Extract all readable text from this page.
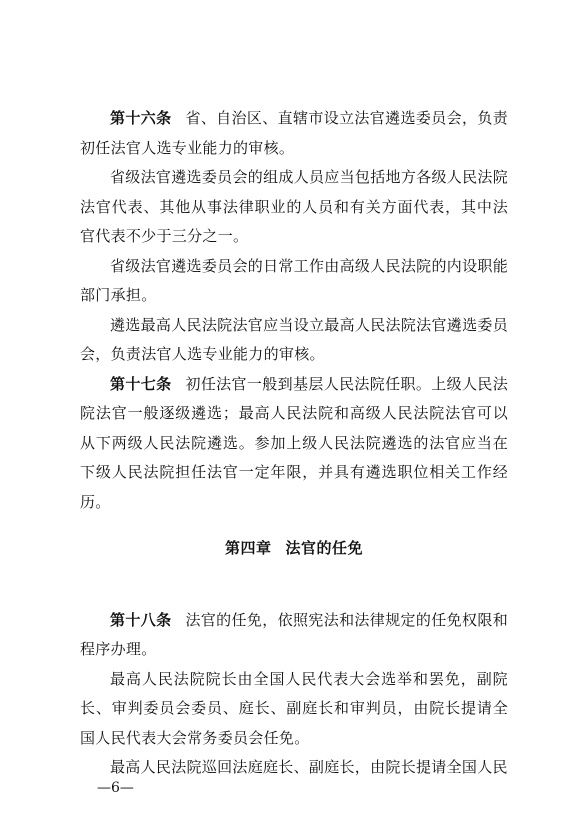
第十六条 省、自治区、直辖市设立法官遴选委员会，负责初任法官人选专业能力的审核。

省级法官遴选委员会的组成人员应当包括地方各级人民法院法官代表、其他从事法律职业的人员和有关方面代表，其中法官代表不少于三分之一。

省级法官遴选委员会的日常工作由高级人民法院的内设职能部门承担。

遴选最高人民法院法官应当设立最高人民法院法官遴选委员会，负责法官人选专业能力的审核。

第十七条 初任法官一般到基层人民法院任职。上级人民法院法官一般逐级遴选；最高人民法院和高级人民法院法官可以从下两级人民法院遴选。参加上级人民法院遴选的法官应当在下级人民法院担任法官一定年限，并具有遴选职位相关工作经历。

第四章 法官的任免

第十八条 法官的任免，依照宪法和法律规定的任免权限和程序办理。

最高人民法院院长由全国人民代表大会选举和罢免，副院长、审判委员会委员、庭长、副庭长和审判员，由院长提请全国人民代表大会常务委员会任免。

最高人民法院巡回法庭庭长、副庭长，由院长提请全国人民

—6—
